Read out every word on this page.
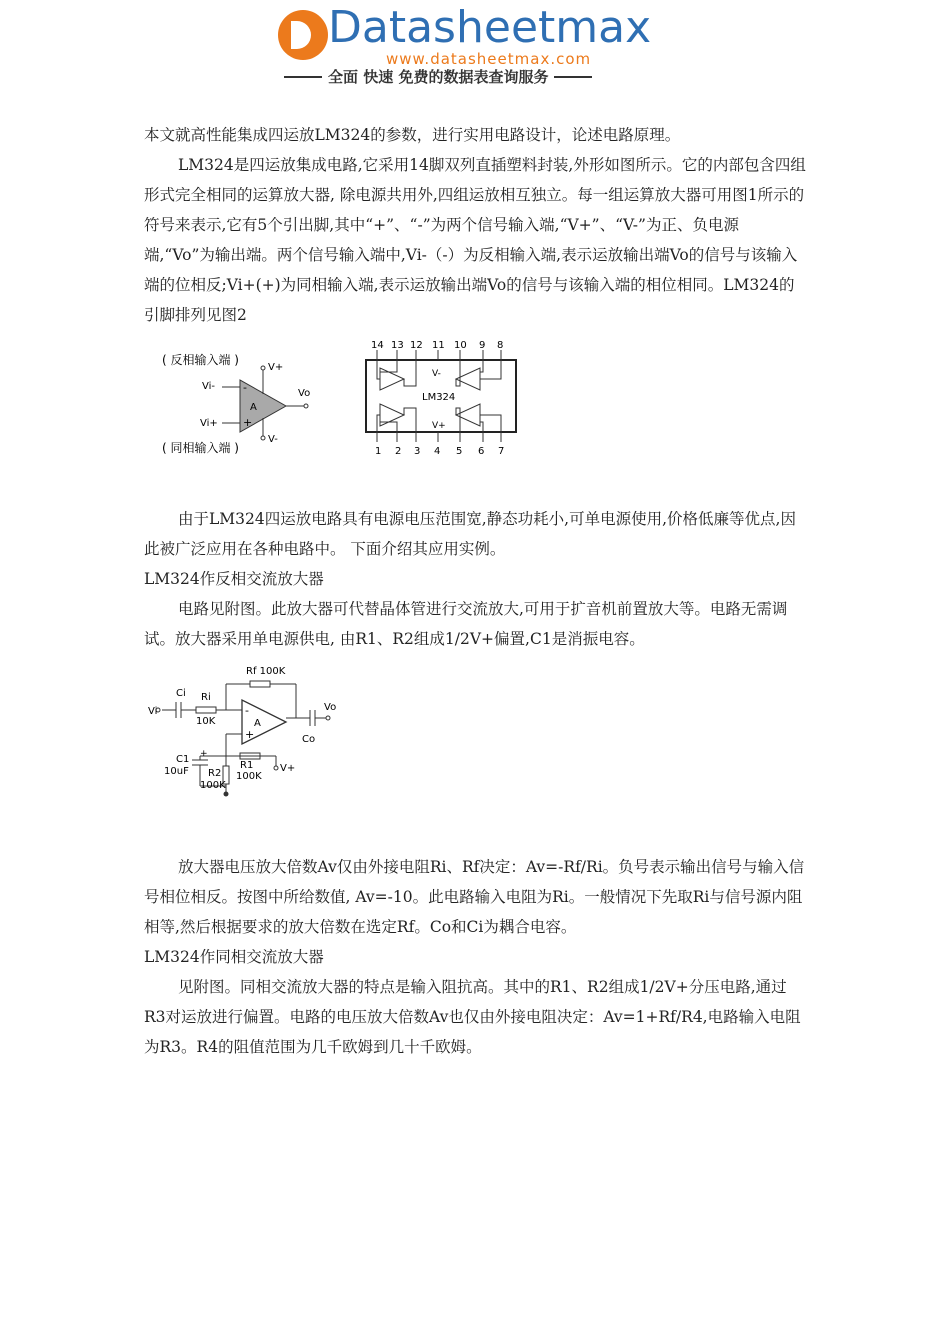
Datasheetmax
www.datasheetmax.com
全面 快速 免费的数据表查询服务

本文就高性能集成四运放LM324的参数，进行实用电路设计，论述电路原理。

LM324是四运放集成电路,它采用14脚双列直插塑料封装,外形如图所示。它的内部包含四组形式完全相同的运算放大器, 除电源共用外,四组运放相互独立。每一组运算放大器可用图1所示的符号来表示,它有5个引出脚,其中“+”、“-”为两个信号输入端,“V+”、“V-”为正、负电源端,“Vo”为输出端。两个信号输入端中,Vi-（-）为反相输入端,表示运放输出端Vo的信号与该输入端的位相反;Vi+(+)为同相输入端,表示运放输出端Vo的信号与该输入端的相位相同。LM324的 引脚排列见图2

( 反相输入端 )
( 同相输入端 )
A
-
+
Vi-
Vi+
V+
V-
Vo
14 13 12 11 10 9 8
1 2 3 4 5 6 7
V-
LM324
V+

由于LM324四运放电路具有电源电压范围宽,静态功耗小,可单电源使用,价格低廉等优点,因此被广泛应用在各种电路中。 下面介绍其应用实例。

LM324作反相交流放大器

电路见附图。此放大器可代替晶体管进行交流放大,可用于扩音机前置放大等。电路无需调试。放大器采用单电源供电, 由R1、R2组成1/2V+偏置,C1是消振电容。

A
-
+
Rf 100K
Ci Ri
10K
Vi	Vo
Co
C1
10uF
+
R1
100K
R2
100K
V+

放大器电压放大倍数Av仅由外接电阻Ri、Rf决定：Av=-Rf/Ri。负号表示输出信号与输入信号相位相反。按图中所给数值, Av=-10。此电路输入电阻为Ri。一般情况下先取Ri与信号源内阻相等,然后根据要求的放大倍数在选定Rf。Co和Ci为耦合电容。

LM324作同相交流放大器

见附图。同相交流放大器的特点是输入阻抗高。其中的R1、R2组成1/2V+分压电路,通过R3对运放进行偏置。电路的电压放大倍数Av也仅由外接电阻决定：Av=1+Rf/R4,电路输入电阻为R3。R4的阻值范围为几千欧姆到几十千欧姆。
